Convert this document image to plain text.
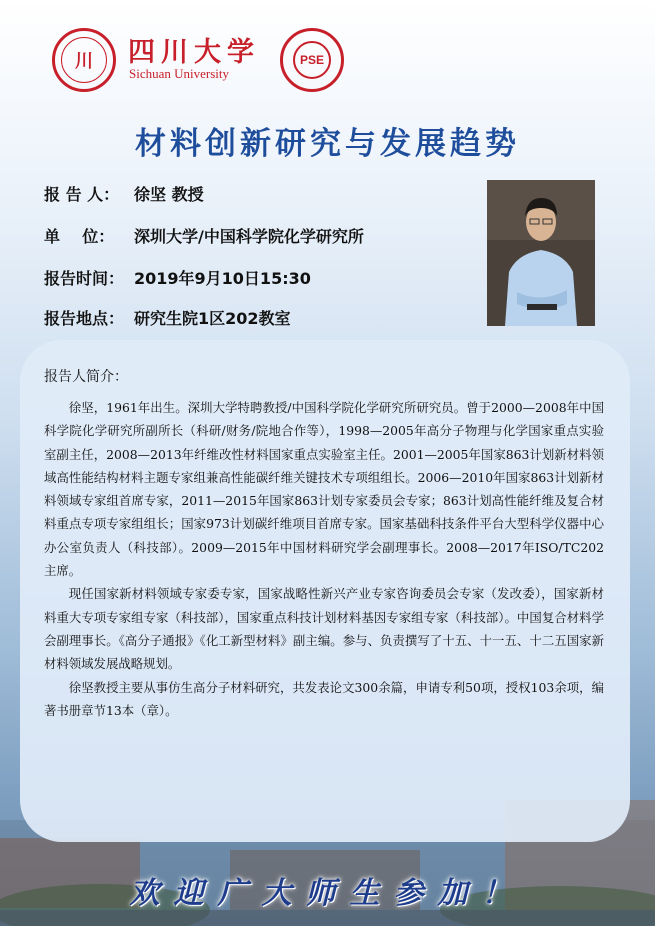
川	四川大学
Sichuan University
PSE
材料创新研究与发展趋势
报 告 人： 徐坚 教授
单    位： 深圳大学/中国科学院化学研究所
报告时间： 2019年9月10日15:30
报告地点： 研究生院1区202教室
报告人简介：

徐坚，1961年出生。深圳大学特聘教授/中国科学院化学研究所研究员。曾于2000—2008年中国科学院化学研究所副所长（科研/财务/院地合作等），1998—2005年高分子物理与化学国家重点实验室副主任，2008—2013年纤维改性材料国家重点实验室主任。2001—2005年国家863计划新材料领域高性能结构材料主题专家组兼高性能碳纤维关键技术专项组组长。2006—2010年国家863计划新材料领域专家组首席专家，2011—2015年国家863计划专家委员会专家；863计划高性能纤维及复合材料重点专项专家组组长；国家973计划碳纤维项目首席专家。国家基础科技条件平台大型科学仪器中心办公室负责人（科技部）。2009—2015年中国材料研究学会副理事长。2008—2017年ISO/TC202主席。

现任国家新材料领域专家委专家，国家战略性新兴产业专家咨询委员会专家（发改委），国家新材料重大专项专家组专家（科技部），国家重点科技计划材料基因专家组专家（科技部）。中国复合材料学会副理事长。《高分子通报》《化工新型材料》副主编。参与、负责撰写了十五、十一五、十二五国家新材料领域发展战略规划。

徐坚教授主要从事仿生高分子材料研究，共发表论文300余篇，申请专利50项，授权103余项，编著书册章节13本（章）。

欢迎广大师生参加！
